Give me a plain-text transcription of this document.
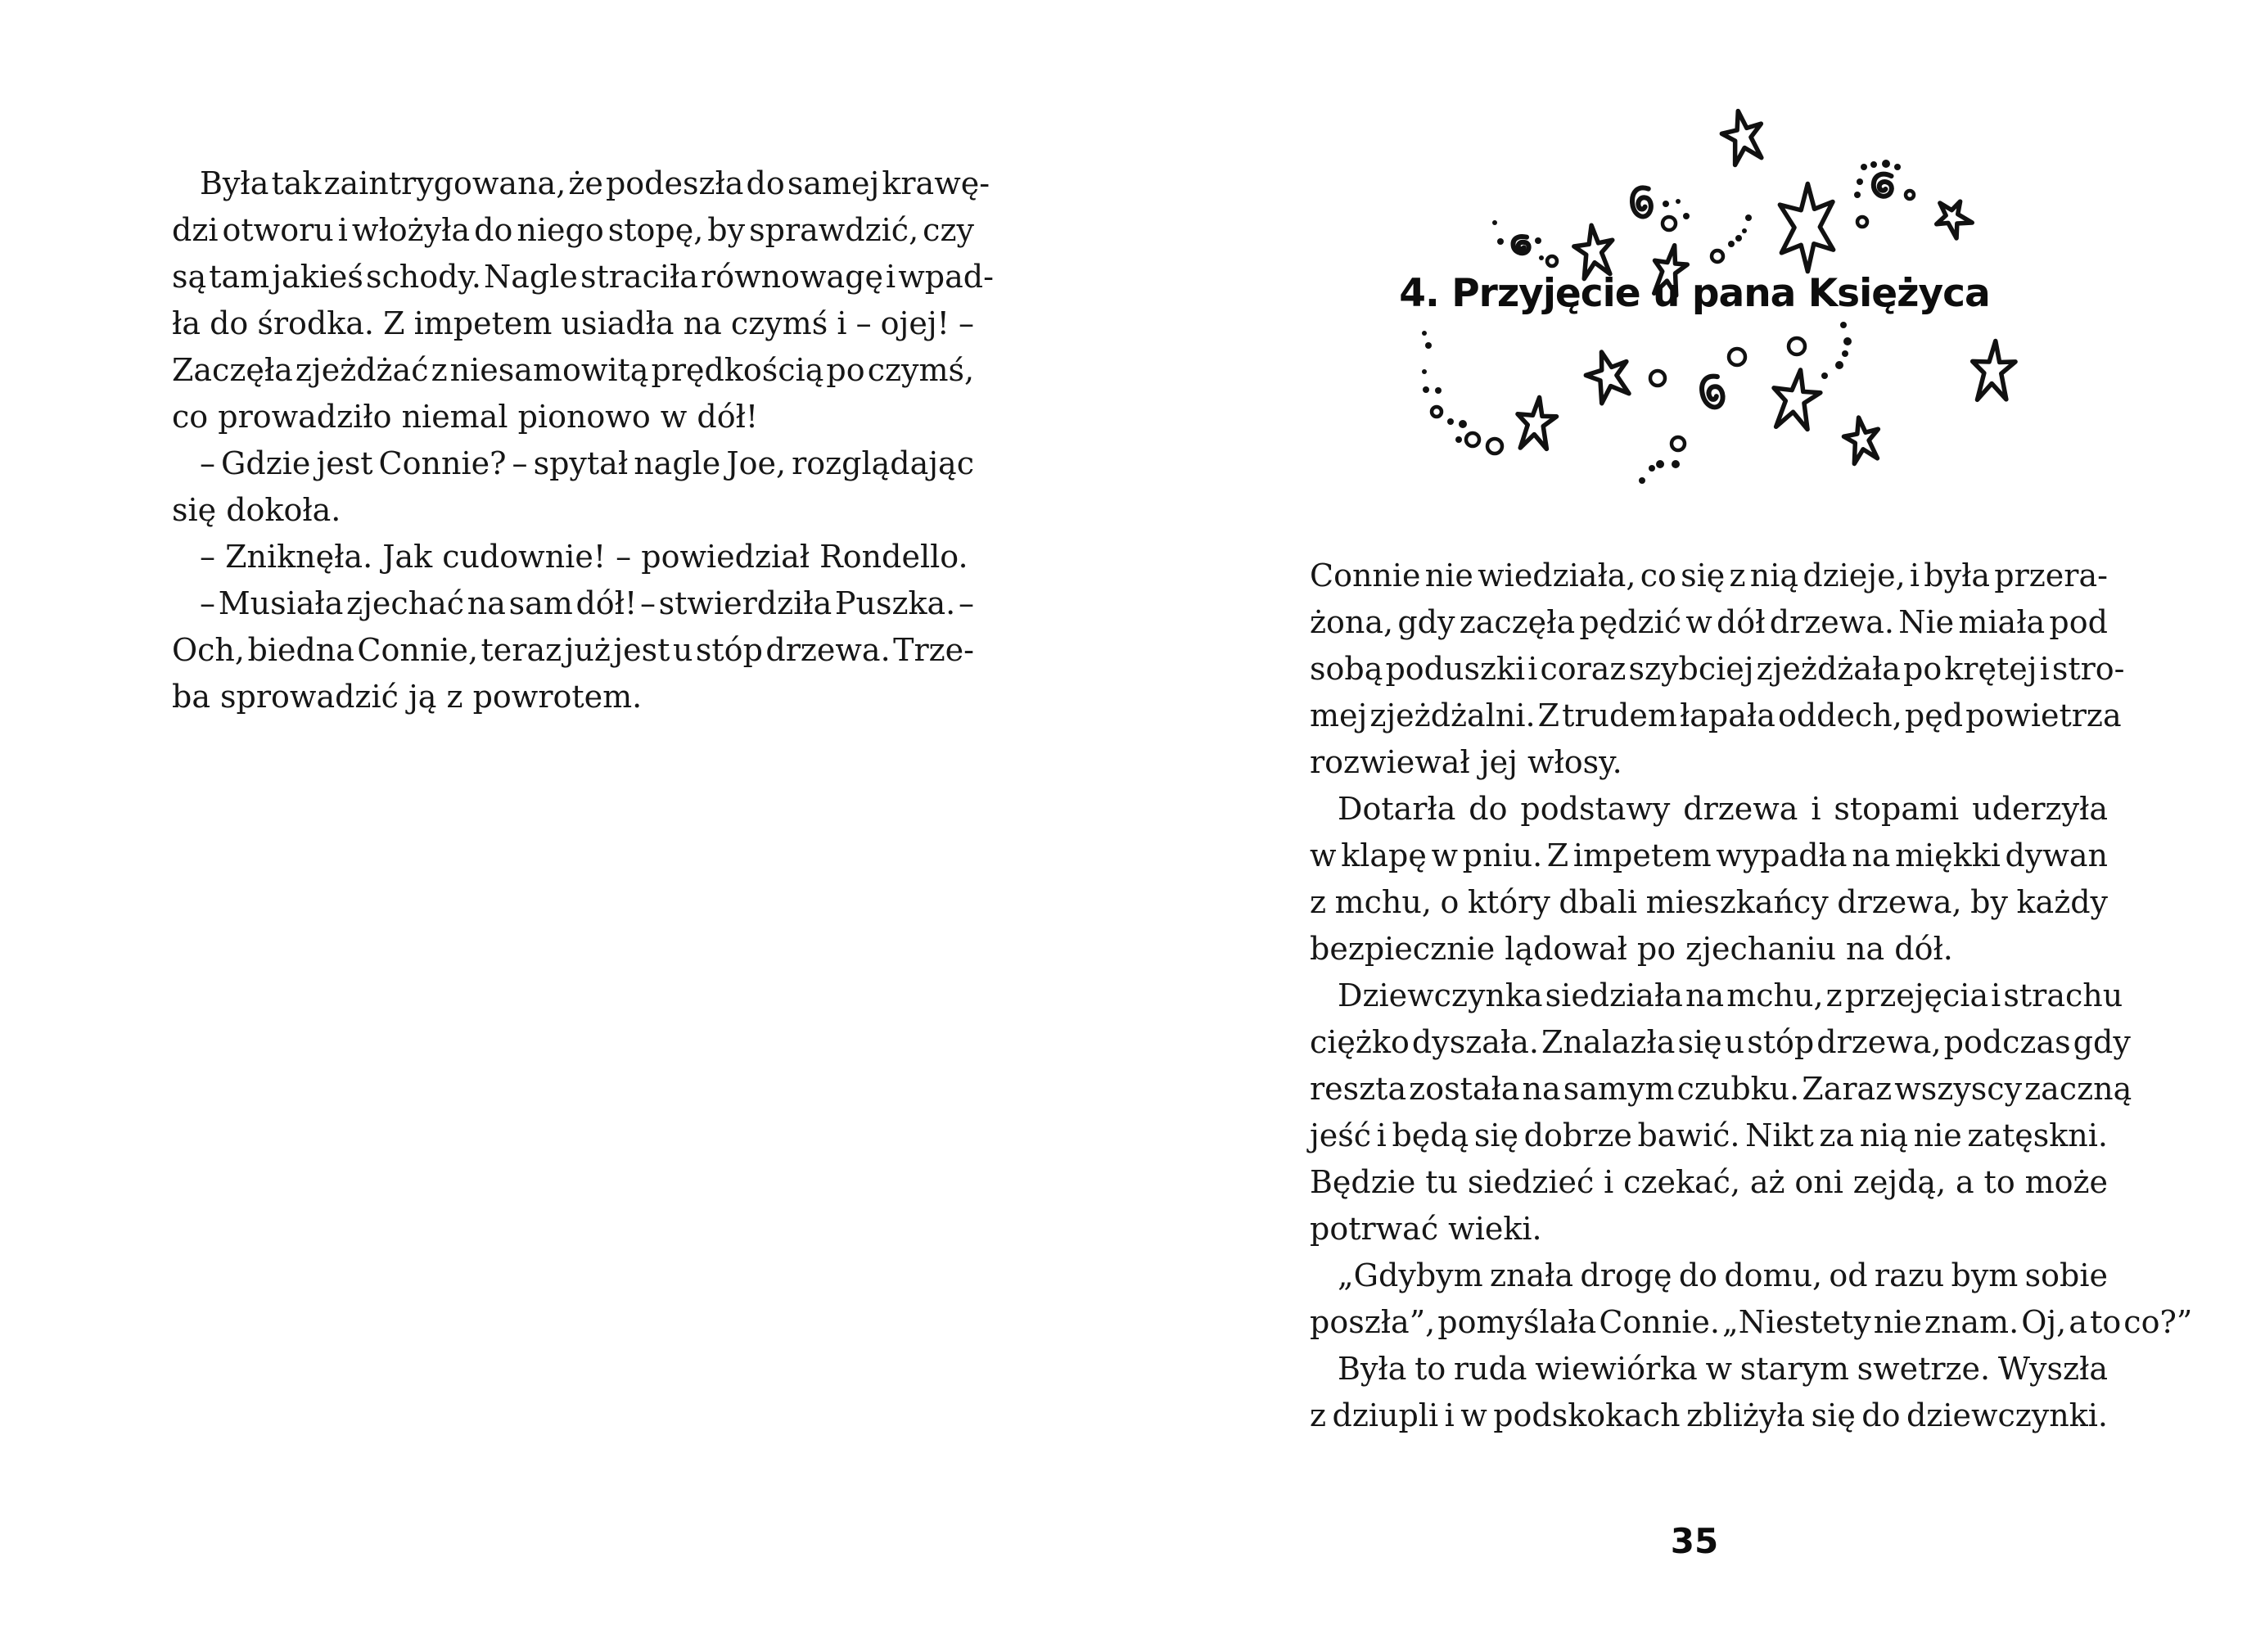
Była tak zaintrygowana, że podeszła do samej krawę-
dzi otworu i włożyła do niego stopę, by sprawdzić, czy
są tam jakieś schody. Nagle straciła równowagę i wpad-
ła do środka. Z impetem usiadła na czymś i – ojej! –
Zaczęła zjeżdżać z niesamowitą prędkością po czymś,
co prowadziło niemal pionowo w dół!
– Gdzie jest Connie? – spytał nagle Joe, rozglądając
się dokoła.
– Zniknęła. Jak cudownie! – powiedział Rondello.
– Musiała zjechać na sam dół! – stwierdziła Puszka. –
Och, biedna Connie, teraz już jest u stóp drzewa. Trze-
ba sprowadzić ją z powrotem.
4. Przyjęcie u pana Księżyca
Connie nie wiedziała, co się z nią dzieje, i była przera-
żona, gdy zaczęła pędzić w dół drzewa. Nie miała pod
sobą poduszki i coraz szybciej zjeżdżała po krętej i stro-
mej zjeżdżalni. Z trudem łapała oddech, pęd powietrza
rozwiewał jej włosy.
Dotarła do podstawy drzewa i stopami uderzyła
w klapę w pniu. Z impetem wypadła na miękki dywan
z mchu, o który dbali mieszkańcy drzewa, by każdy
bezpiecznie lądował po zjechaniu na dół.
Dziewczynka siedziała na mchu, z przejęcia i strachu
ciężko dyszała. Znalazła się u stóp drzewa, podczas gdy
reszta została na samym czubku. Zaraz wszyscy zaczną
jeść i będą się dobrze bawić. Nikt za nią nie zatęskni.
Będzie tu siedzieć i czekać, aż oni zejdą, a to może
potrwać wieki.
„Gdybym znała drogę do domu, od razu bym sobie
poszła”, pomyślała Connie. „Niestety nie znam. Oj, a to co?”
Była to ruda wiewiórka w starym swetrze. Wyszła
z dziupli i w podskokach zbliżyła się do dziewczynki.
35
